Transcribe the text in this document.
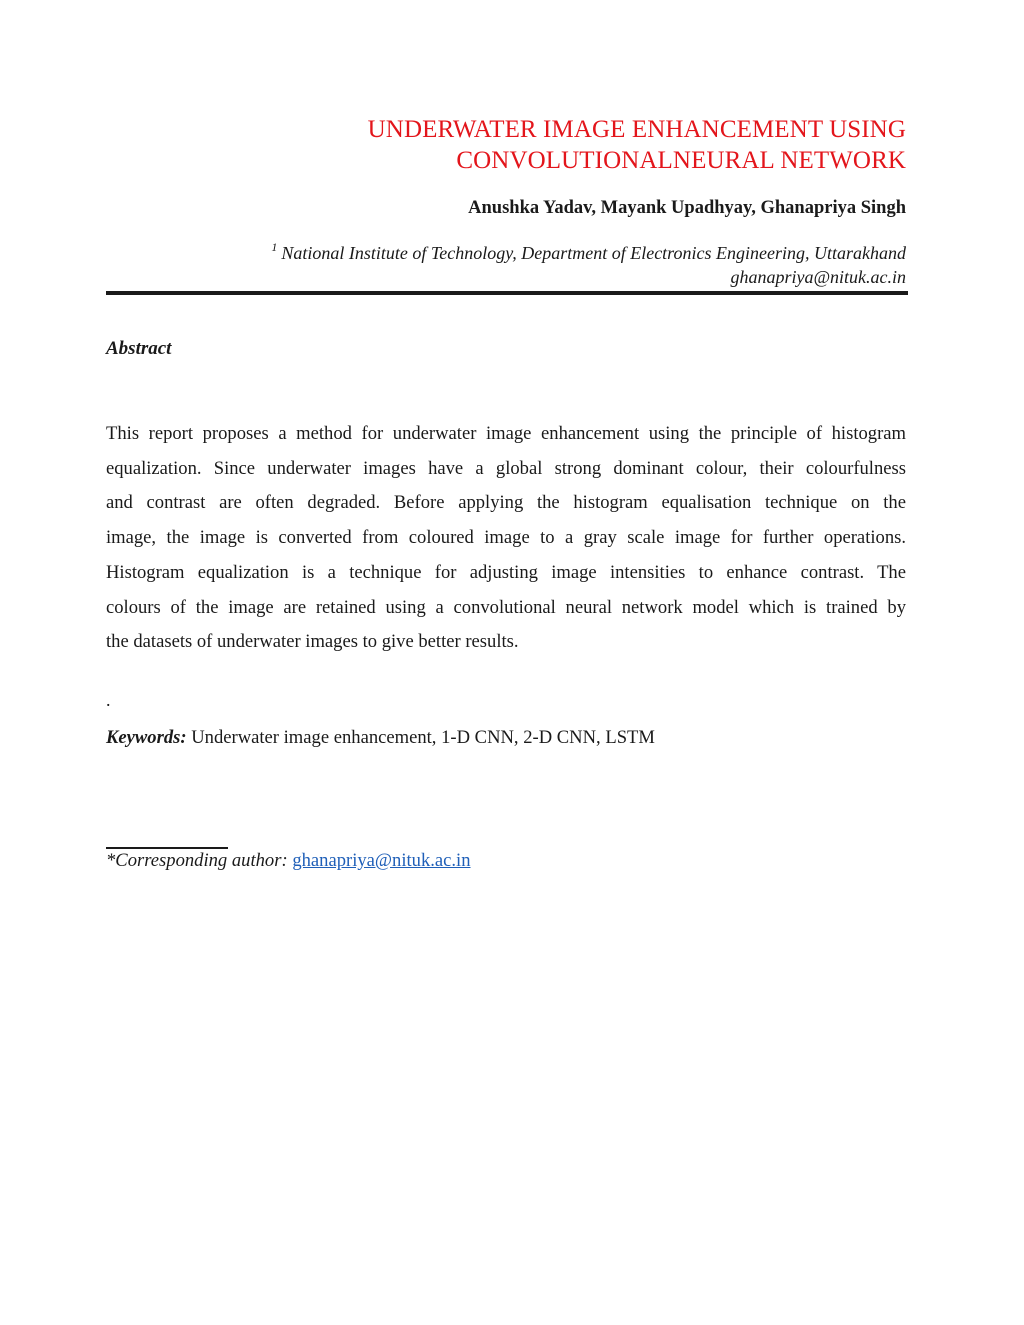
UNDERWATER IMAGE ENHANCEMENT USING
CONVOLUTIONALNEURAL NETWORK
Anushka Yadav, Mayank Upadhyay, Ghanapriya Singh
$^1$ National Institute of Technology, Department of Electronics Engineering, Uttarakhand
ghanapriya@nituk.ac.in
Abstract
This report proposes a method for underwater image enhancement using the principle of histogram
equalization. Since underwater images have a global strong dominant colour, their colourfulness
and contrast are often degraded. Before applying the histogram equalisation technique on the
image, the image is converted from coloured image to a gray scale image for further operations.
Histogram equalization is a technique for adjusting image intensities to enhance contrast. The
colours of the image are retained using a convolutional neural network model which is trained by
the datasets of underwater images to give better results.
.
Keywords: Underwater image enhancement, 1-D CNN, 2-D CNN, LSTM
*Corresponding author: ghanapriya@nituk.ac.in
